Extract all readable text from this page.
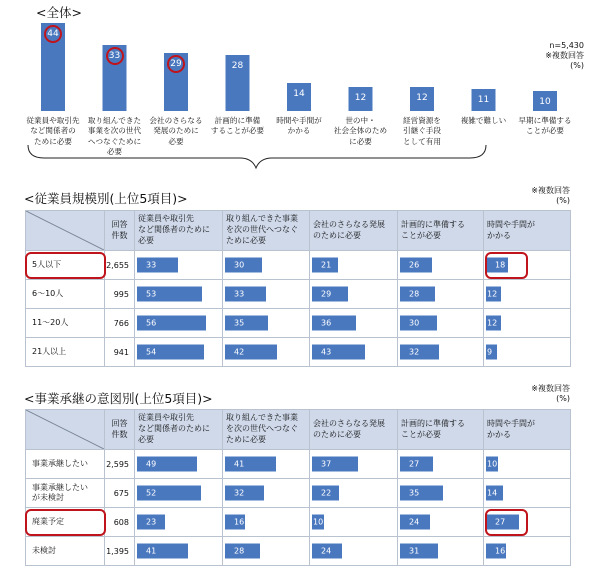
<全体>
n=5,430
※複数回答
(%)
44
従業員や取引先
など関係者の
ために必要
33
取り組んできた
事業を次の世代
へつなぐために
必要
29
会社のさらなる
発展のために
必要
28
計画的に準備
することが必要
14
時間や手間が
かかる
12
世の中・
社会全体のため
に必要
12
経営資源を
引継ぐ手段
として有用
11
複雑で難しい
10
早期に準備する
ことが必要
<従業員規模別(上位5項目)>
※複数回答
(%)
	回答
件数	従業員や取引先
など関係者のために
必要	取り組んできた事業
を次の世代へつなぐ
ために必要	会社のさらなる発展
のために必要	計画的に準備する
ことが必要	時間や手間が
かかる
5人以下	2,655	33	30	21	26	18

6〜10人	995	53	33	29	28	12

11〜20人	766	56	35	36	30	12

21人以上	941	54	42	43	32	9
<事業承継の意図別(上位5項目)>
※複数回答
(%)
	回答
件数	従業員や取引先
など関係者のために
必要	取り組んできた事業
を次の世代へつなぐ
ために必要	会社のさらなる発展
のために必要	計画的に準備する
ことが必要	時間や手間が
かかる
事業承継したい	2,595	49	41	37	27	10

事業承継したい
が未検討	675	52	32	22	35	14

廃業予定	608	23	16	10	24	27

未検討	1,395	41	28	24	31	16
